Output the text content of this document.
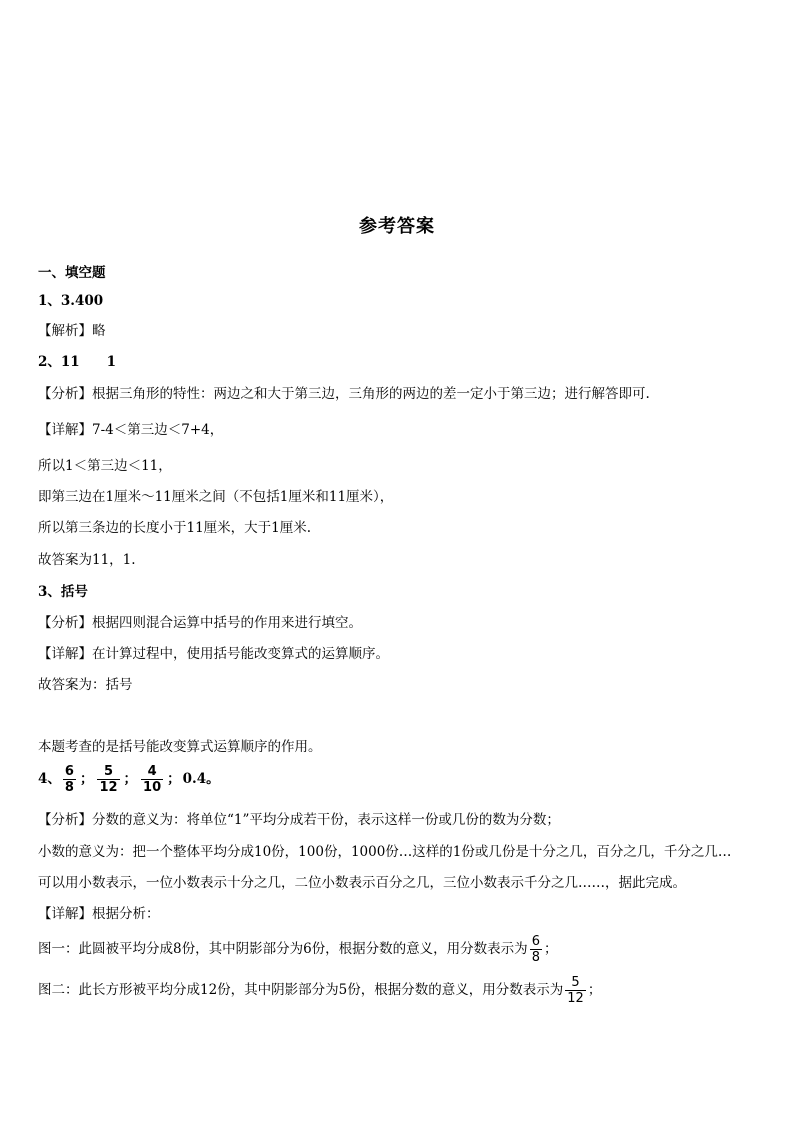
参考答案
一、填空题
1、3.400
【解析】略
2、11　　1
【分析】根据三角形的特性：两边之和大于第三边，三角形的两边的差一定小于第三边；进行解答即可.
【详解】7-4＜第三边＜7+4，
所以1＜第三边＜11，
即第三边在1厘米～11厘米之间（不包括1厘米和11厘米），
所以第三条边的长度小于11厘米，大于1厘米.
故答案为11，1.
3、括号
【分析】根据四则混合运算中括号的作用来进行填空。
【详解】在计算过程中，使用括号能改变算式的运算顺序。
故答案为：括号
本题考查的是括号能改变算式运算顺序的作用。
4、 $\frac{6}{8}$ ； $\frac{5}{12}$ ； $\frac{4}{10}$ ； 0.4。
【分析】分数的意义为：将单位“1”平均分成若干份，表示这样一份或几份的数为分数；
小数的意义为：把一个整体平均分成10份，100份，1000份…这样的1份或几份是十分之几，百分之几，千分之几…
可以用小数表示，一位小数表示十分之几，二位小数表示百分之几，三位小数表示千分之几……，据此完成。
【详解】根据分析：
图一：此圆被平均分成8份，其中阴影部分为6份，根据分数的意义，用分数表示为 $\frac{6}{8}$ ；
图二：此长方形被平均分成12份，其中阴影部分为5份，根据分数的意义，用分数表示为 $\frac{5}{12}$ ；
